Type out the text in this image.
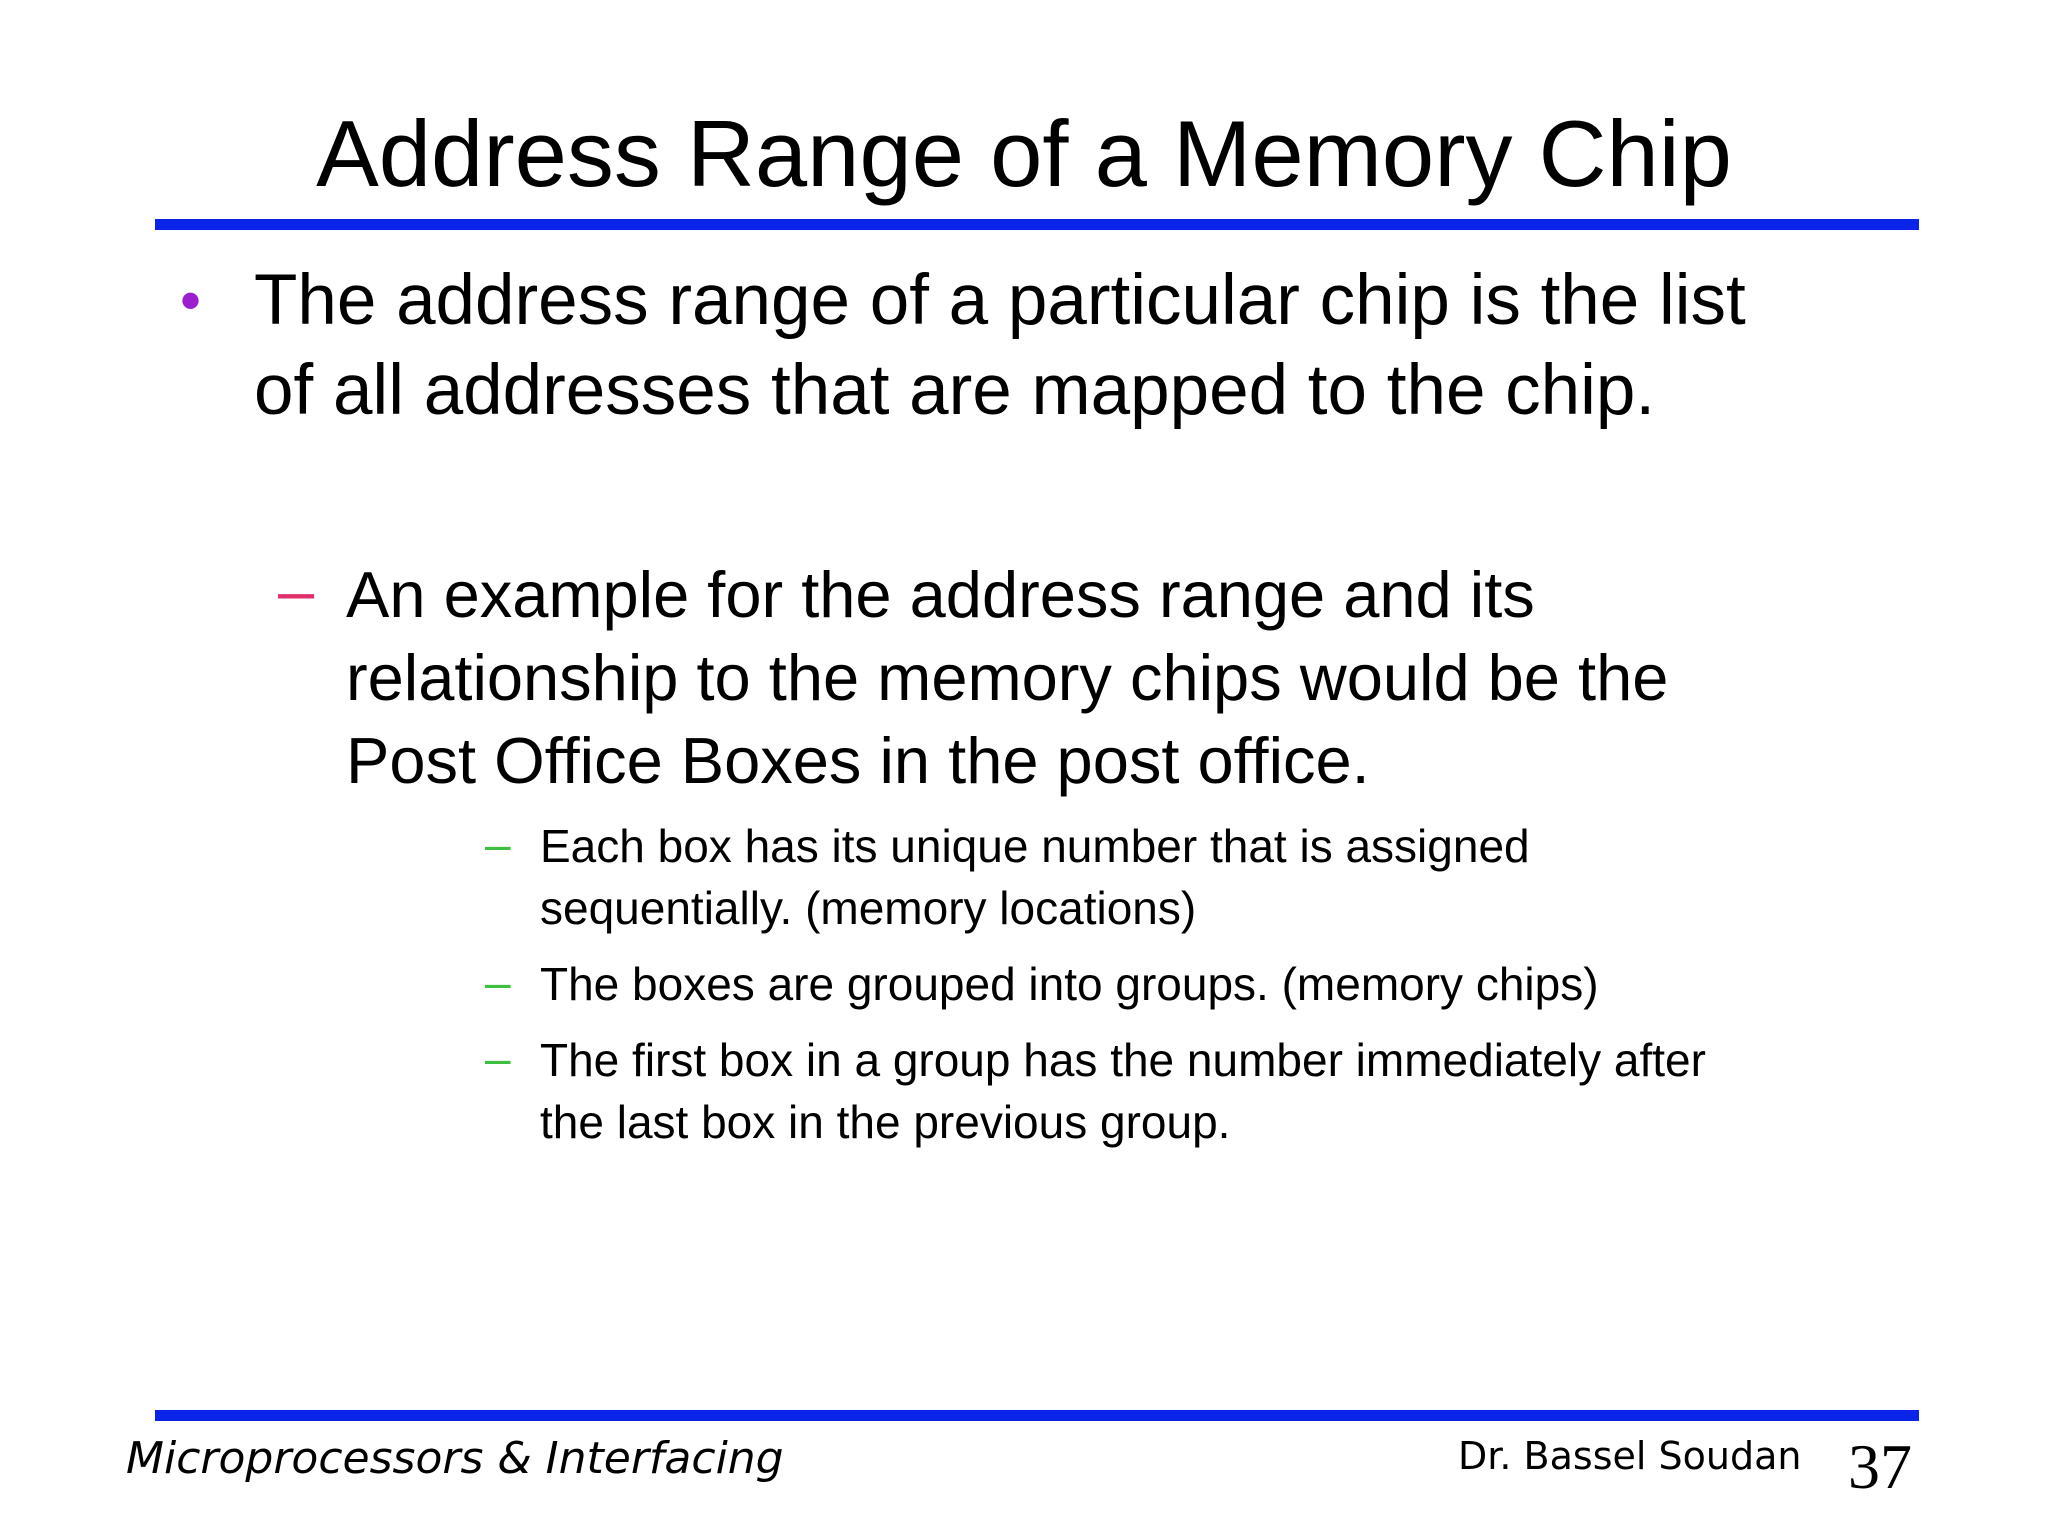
Address Range of a Memory Chip
• The address range of a particular chip is the list
of all addresses that are mapped to the chip.
– An example for the address range and its
relationship to the memory chips would be the
Post Office Boxes in the post office.
– Each box has its unique number that is assigned
sequentially. (memory locations)
– The boxes are grouped into groups. (memory chips)
– The first box in a group has the number immediately after
the last box in the previous group.
Microprocessors & Interfacing	Dr. Bassel Soudan 37
